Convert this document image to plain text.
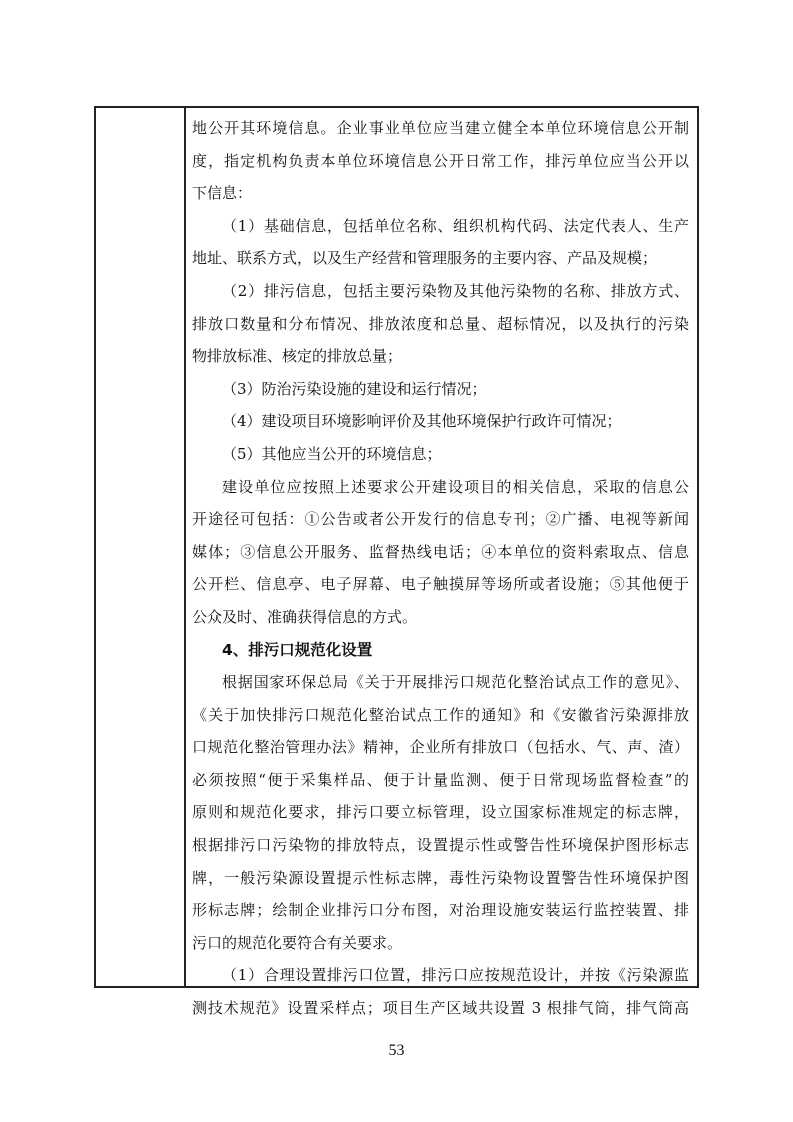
地公开其环境信息。企业事业单位应当建立健全本单位环境信息公开制
度，指定机构负责本单位环境信息公开日常工作，排污单位应当公开以
下信息：
（1）基础信息，包括单位名称、组织机构代码、法定代表人、生产
地址、联系方式，以及生产经营和管理服务的主要内容、产品及规模；
（2）排污信息，包括主要污染物及其他污染物的名称、排放方式、
排放口数量和分布情况、排放浓度和总量、超标情况，以及执行的污染
物排放标准、核定的排放总量；
（3）防治污染设施的建设和运行情况；
（4）建设项目环境影响评价及其他环境保护行政许可情况；
（5）其他应当公开的环境信息；
建设单位应按照上述要求公开建设项目的相关信息，采取的信息公
开途径可包括：①公告或者公开发行的信息专刊；②广播、电视等新闻
媒体；③信息公开服务、监督热线电话；④本单位的资料索取点、信息
公开栏、信息亭、电子屏幕、电子触摸屏等场所或者设施；⑤其他便于
公众及时、准确获得信息的方式。
4、排污口规范化设置
根据国家环保总局《关于开展排污口规范化整治试点工作的意见》、
《关于加快排污口规范化整治试点工作的通知》和《安徽省污染源排放
口规范化整治管理办法》精神，企业所有排放口（包括水、气、声、渣）
必须按照“便于采集样品、便于计量监测、便于日常现场监督检查”的
原则和规范化要求，排污口要立标管理，设立国家标准规定的标志牌，
根据排污口污染物的排放特点，设置提示性或警告性环境保护图形标志
牌，一般污染源设置提示性标志牌，毒性污染物设置警告性环境保护图
形标志牌；绘制企业排污口分布图，对治理设施安装运行监控装置、排
污口的规范化要符合有关要求。
（1）合理设置排污口位置，排污口应按规范设计，并按《污染源监
测技术规范》设置采样点；项目生产区域共设置 3 根排气筒，排气筒高
53
